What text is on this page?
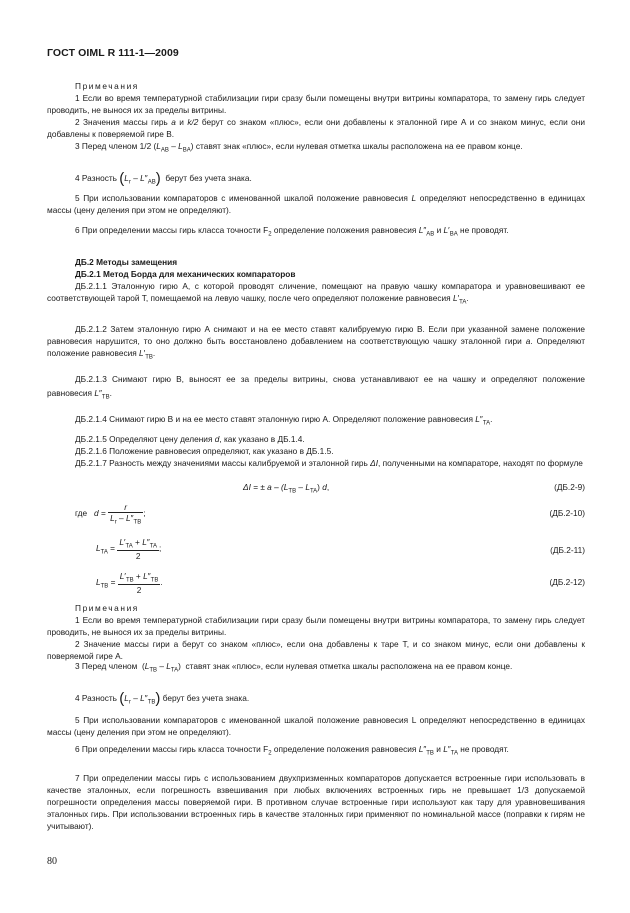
ГОСТ OIML R 111-1—2009
Примечания
1 Если во время температурной стабилизации гири сразу были помещены внутри витрины компаратора, то замену гирь следует проводить, не вынося их за пределы витрины.
2 Значения массы гирь а и k/2 берут со знаком «плюс», если они добавлены к эталонной гире А и со знаком минус, если они добавлены к поверяемой гире В.
3 Перед членом 1/2 $(L_{AB} - L_{BA})$ ставят знак «плюс», если нулевая отметка шкалы расположена на ее правом конце.
4 Разность $(L_r - L''_{AB})$ берут без учета знака.
5 При использовании компараторов с именованной шкалой положение равновесия L определяют непосредственно в единицах массы (цену деления при этом не определяют).
6 При определении массы гирь класса точности $F_2$ определение положения равновесия $L''_{AB}$ и $L'_{BA}$ не проводят.
ДБ.2 Методы замещения
ДБ.2.1 Метод Борда для механических компараторов
ДБ.2.1.1 Эталонную гирю А, с которой проводят сличение, помещают на правую чашку компаратора и уравновешивают ее соответствующей тарой Т, помещаемой на левую чашку, после чего определяют положение равновесия $L'_{TA}$.
ДБ.2.1.2 Затем эталонную гирю А снимают и на ее место ставят калибруемую гирю В. Если при указанной замене положение равновесия нарушится, то оно должно быть восстановлено добавлением на соответствующую чашку эталонной гири a. Определяют положение равновесия $L'_{TB}$.
ДБ.2.1.3 Снимают гирю В, выносят ее за пределы витрины, снова устанавливают ее на чашку и определяют положение равновесия $L''_{TB}$.
ДБ.2.1.4 Снимают гирю В и на ее место ставят эталонную гирю А. Определяют положение равновесия $L''_{TA}$.
ДБ.2.1.5 Определяют цену деления d, как указано в ДБ.1.4.
ДБ.2.1.6 Положение равновесия определяют, как указано в ДБ.1.5.
ДБ.2.1.7 Разность между значениями массы калибруемой и эталонной гирь ΔI, полученными на компараторе, находят по формуле
ΔI = ± a – $(L_{TB} - L_{TA})$ d,	(ДБ.2-9)
где $d = \frac{r}{L_r - L''_{TB}}$ ;	(ДБ.2-10)
$L_{TA} = \frac{L'_{TA} + L''_{TA}}{2}$ ;	(ДБ.2-11)
$L_{TB} = \frac{L'_{TB} + L''_{TB}}{2}$ .	(ДБ.2-12)
Примечания
1 Если во время температурной стабилизации гири сразу были помещены внутри витрины компаратора, то замену гирь следует проводить, не вынося их за пределы витрины.
2 Значение массы гири а берут со знаком «плюс», если она добавлены к таре T, и со знаком минус, если они добавлены к поверяемой гире А.
3 Перед членом  $(L_{TB} - L_{TA})$  ставят знак «плюс», если нулевая отметка шкалы расположена на ее правом конце.
4 Разность $(L_r - L''_{TB})$ берут без учета знака.
5 При использовании компараторов с именованной шкалой положение равновесия L определяют непосредственно в единицах массы (цену деления при этом не определяют).
6 При определении массы гирь класса точности $F_2$ определение положения равновесия $L''_{TB}$ и $L''_{TA}$ не проводят.
7 При определении массы гирь с использованием двухпризменных компараторов допускается встроенные гири использовать в качестве эталонных, если погрешность взвешивания при любых включениях встроенных гирь не превышает 1/3 допускаемой погрешности определения массы поверяемой гири. В противном случае встроенные гири используют как тару для уравновешивания эталонных гирь. При использовании встроенных гирь в качестве эталонных гири применяют по номинальной массе (поправки к гирям не учитывают).
80
